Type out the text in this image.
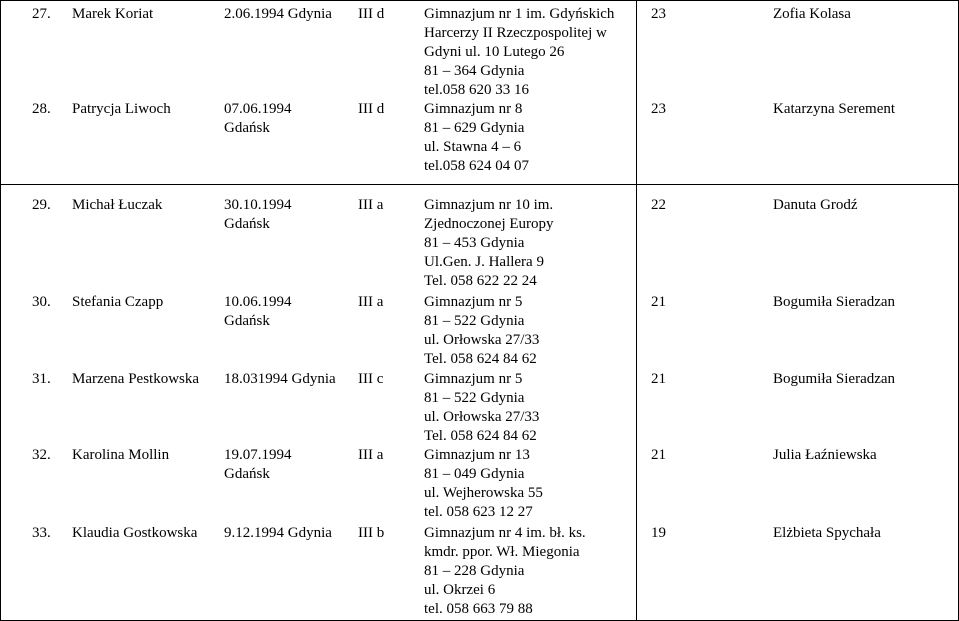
27. Marek Koriat	2.06.1994 Gdynia III d	Gimnazjum nr 1 im. Gdyńskich
Harcerzy II Rzeczpospolitej w
Gdyni ul. 10 Lutego 26
81 – 364 Gdynia
tel.058 620 33 16
23	Zofia Kolasa
28. Patrycja Liwoch	07.06.1994
Gdańsk
III d	Gimnazjum nr 8
81 – 629 Gdynia
ul. Stawna 4 – 6
tel.058 624 04 07
23	Katarzyna Serement
29. Michał Łuczak	30.10.1994
Gdańsk
III a	Gimnazjum nr 10 im.
Zjednoczonej Europy
81 – 453 Gdynia
Ul.Gen. J. Hallera 9
Tel. 058 622 22 24
22	Danuta Grodź
30. Stefania Czapp	10.06.1994
Gdańsk
III a	Gimnazjum nr 5
81 – 522 Gdynia
ul. Orłowska 27/33
Tel. 058 624 84 62
21	Bogumiła Sieradzan
31. Marzena Pestkowska 18.031994 Gdynia III c	Gimnazjum nr 5
81 – 522 Gdynia
ul. Orłowska 27/33
Tel. 058 624 84 62
21	Bogumiła Sieradzan
32. Karolina Mollin	19.07.1994
Gdańsk
III a	Gimnazjum nr 13
81 – 049 Gdynia
ul. Wejherowska 55
tel. 058 623 12 27
21	Julia Łaźniewska
33. Klaudia Gostkowska 9.12.1994 Gdynia III b	Gimnazjum nr 4 im. bł. ks.
kmdr. ppor. Wł. Miegonia
81 – 228 Gdynia
ul. Okrzei 6
tel. 058 663 79 88
19	Elżbieta Spychała
